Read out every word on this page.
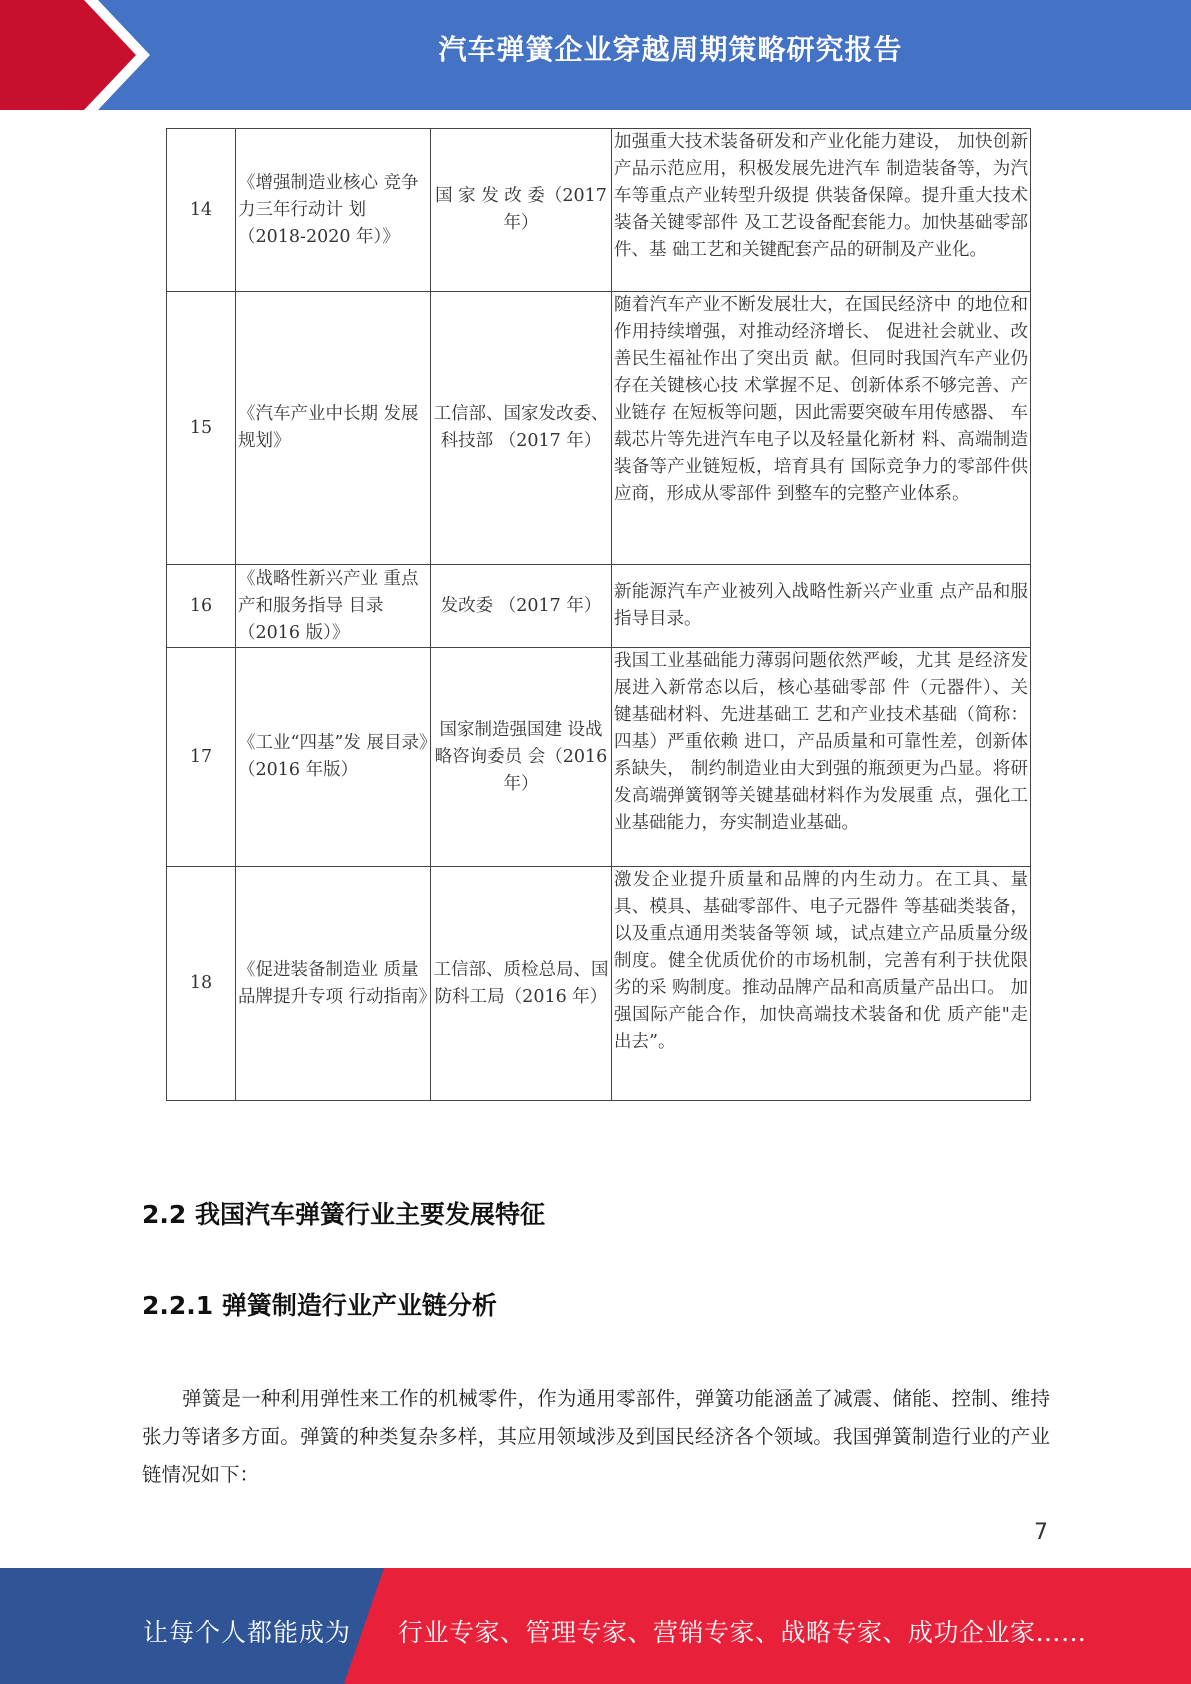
汽车弹簧企业穿越周期策略研究报告
14	《增强制造业核心 竞争力三年行动计 划（2018-2020 年）》	国 家 发 改 委（2017 年）	加强重大技术装备研发和产业化能力建设， 加快创新产品示范应用，积极发展先进汽车 制造装备等，为汽车等重点产业转型升级提 供装备保障。提升重大技术装备关键零部件 及工艺设备配套能力。加快基础零部件、基 础工艺和关键配套产品的研制及产业化。
15	《汽车产业中长期 发展规划》	工信部、国家发改委、科技部 （2017 年）	随着汽车产业不断发展壮大，在国民经济中 的地位和作用持续增强，对推动经济增长、 促进社会就业、改善民生福祉作出了突出贡 献。但同时我国汽车产业仍存在关键核心技 术掌握不足、创新体系不够完善、产业链存 在短板等问题，因此需要突破车用传感器、 车载芯片等先进汽车电子以及轻量化新材 料、高端制造装备等产业链短板，培育具有 国际竞争力的零部件供应商，形成从零部件 到整车的完整产业体系。
16	《战略性新兴产业 重点产和服务指导 目录（2016 版）》	发改委 （2017 年）	新能源汽车产业被列入战略性新兴产业重 点产品和服指导目录。
17	《工业“四基”发 展目录》（2016 年版）	国家制造强国建 设战略咨询委员 会（2016 年）	我国工业基础能力薄弱问题依然严峻，尤其 是经济发展进入新常态以后，核心基础零部 件（元器件）、关键基础材料、先进基础工 艺和产业技术基础（简称：四基）严重依赖 进口，产品质量和可靠性差，创新体系缺失， 制约制造业由大到强的瓶颈更为凸显。将研 发高端弹簧钢等关键基础材料作为发展重 点，强化工业基础能力，夯实制造业基础。
18	《促进装备制造业 质量品牌提升专项 行动指南》	工信部、质检总局、国防科工局（2016 年）	激发企业提升质量和品牌的内生动力。在工具、量具、模具、基础零部件、电子元器件 等基础类装备，以及重点通用类装备等领 域，试点建立产品质量分级制度。健全优质优价的市场机制，完善有利于扶优限劣的采 购制度。推动品牌产品和高质量产品出口。 加强国际产能合作，加快高端技术装备和优 质产能"走出去”。
2.2 我国汽车弹簧行业主要发展特征
2.2.1 弹簧制造行业产业链分析

弹簧是一种利用弹性来工作的机械零件，作为通用零部件，弹簧功能涵盖了减震、储能、控制、维持张力等诸多方面。弹簧的种类复杂多样，其应用领域涉及到国民经济各个领域。我国弹簧制造行业的产业链情况如下：

7
让每个人都能成为 行业专家、管理专家、营销专家、战略专家、成功企业家……
